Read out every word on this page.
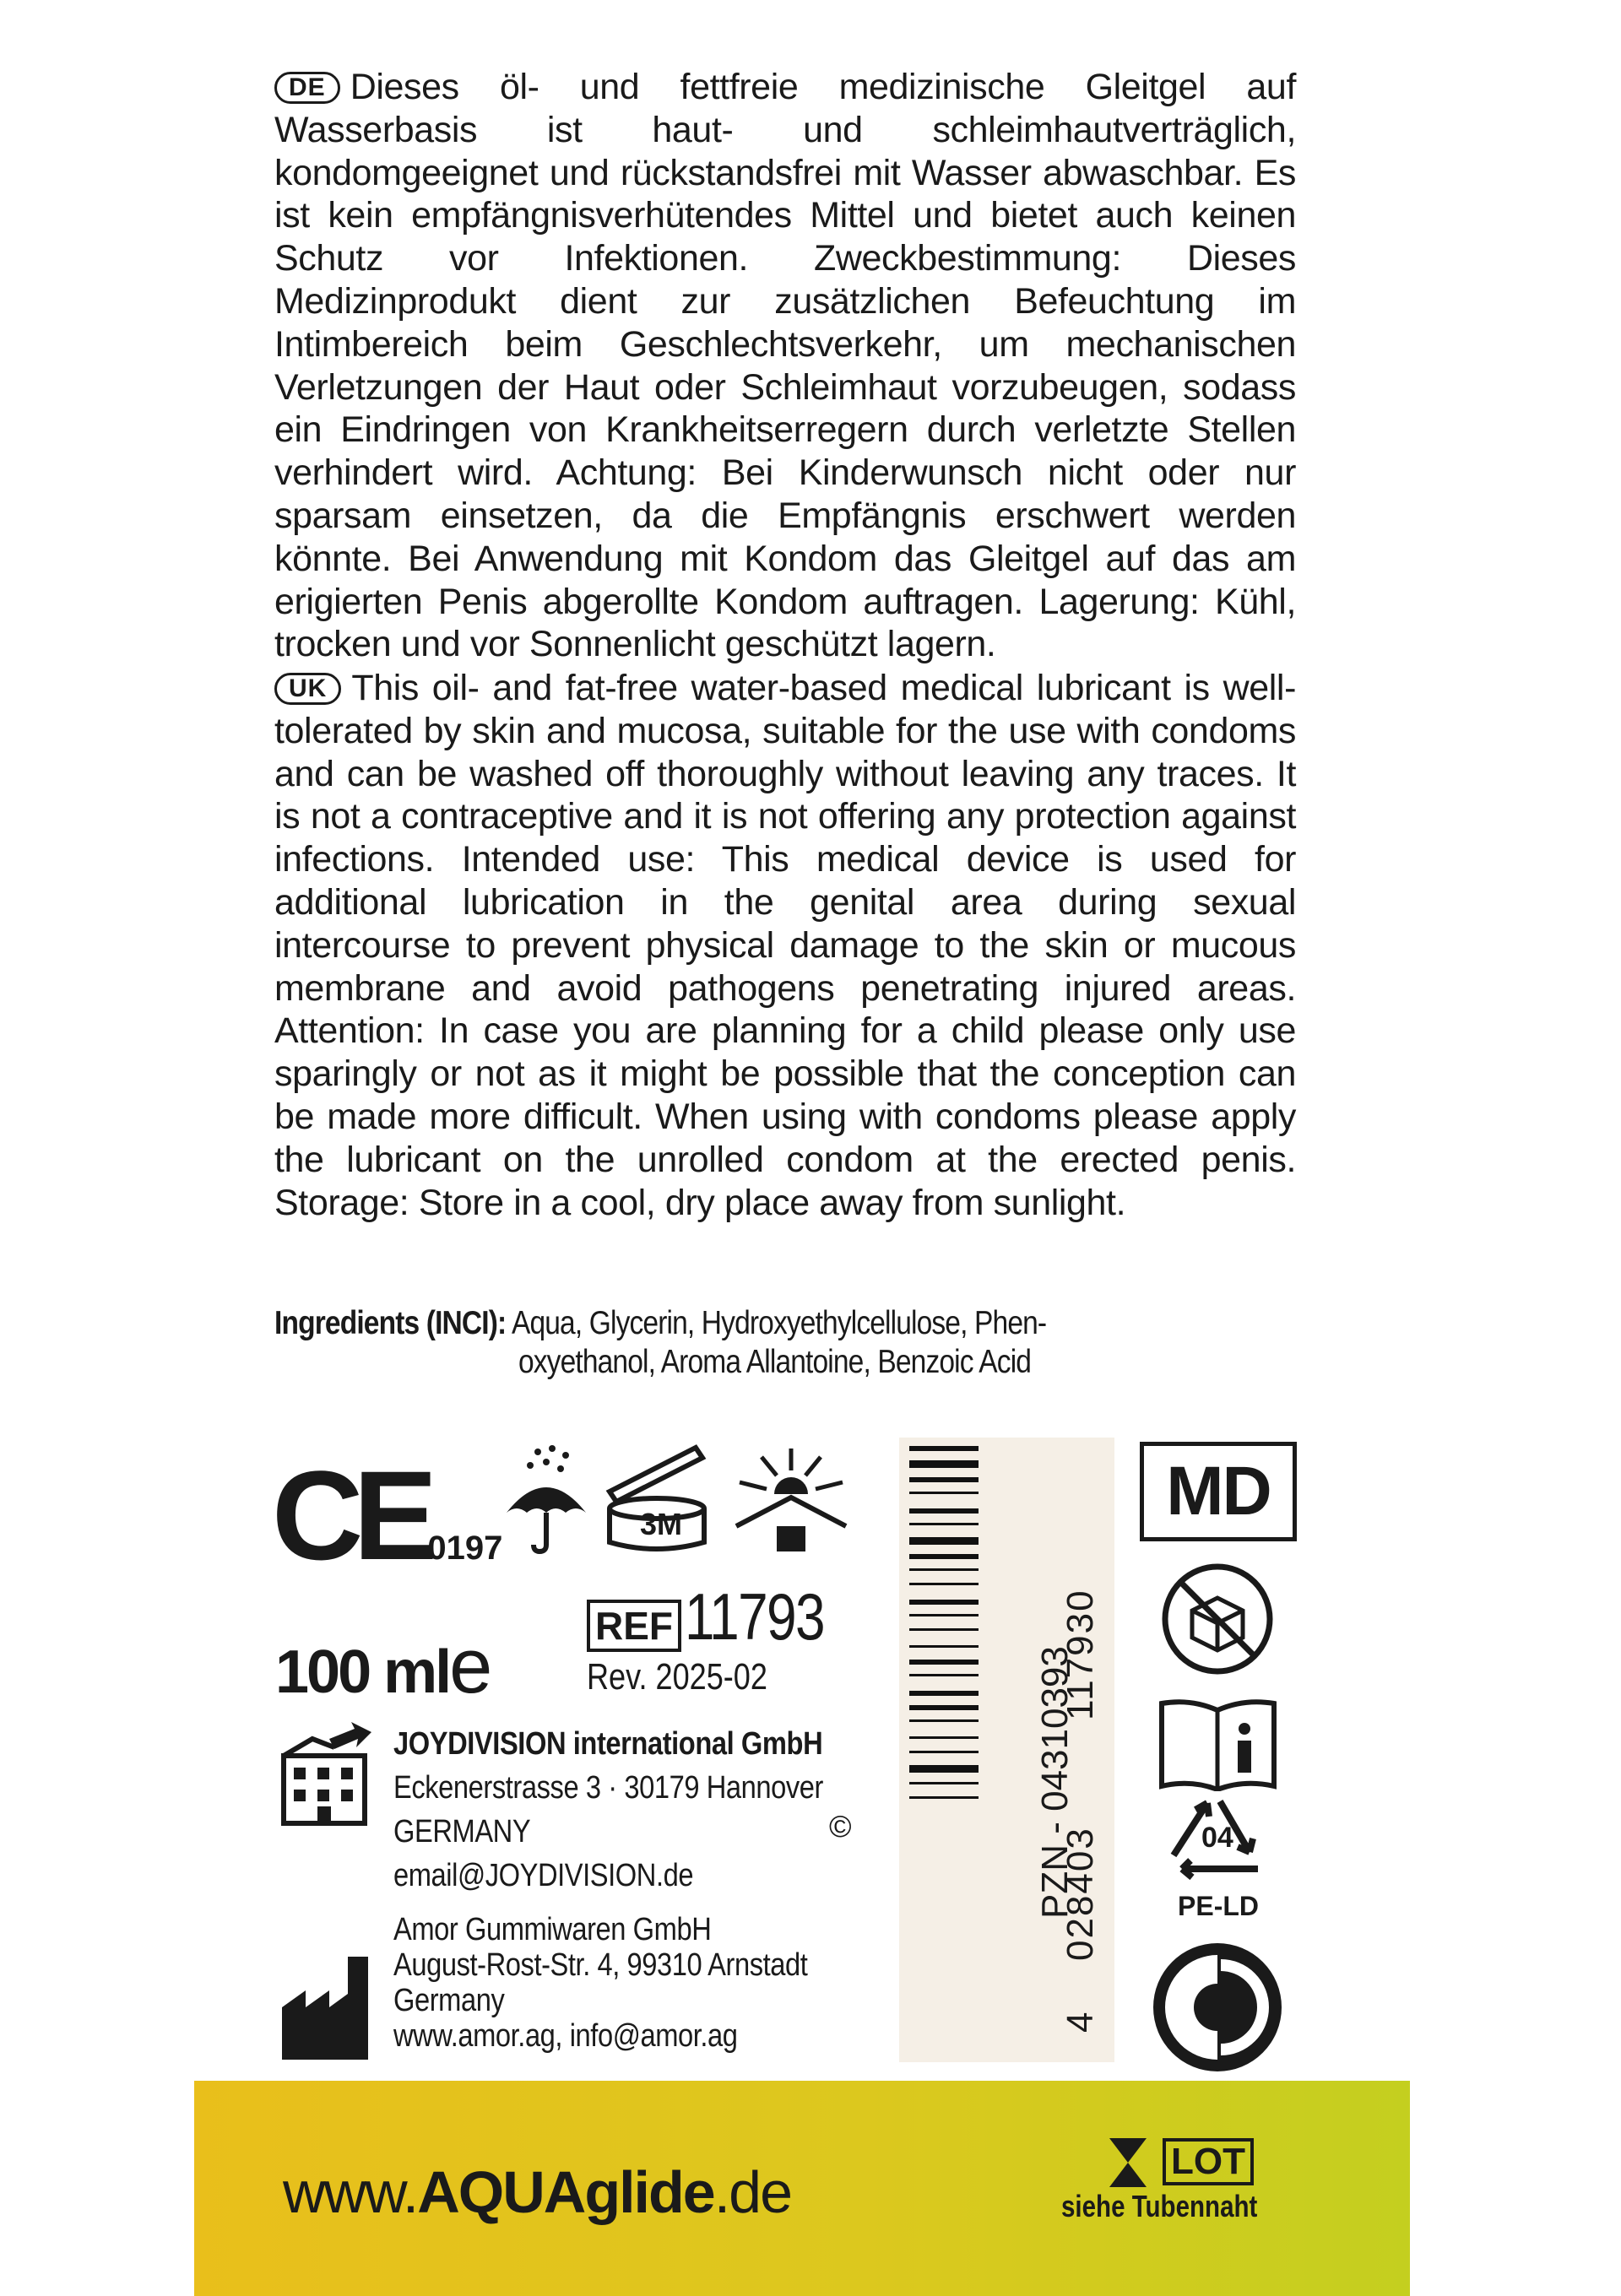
DE Dieses öl- und fettfreie medizinische Gleitgel auf Wasserbasis ist haut- und schleimhautverträglich, kondomgeeignet und rückstandsfrei mit Wasser abwaschbar. Es ist kein empfängnisverhütendes Mittel und bietet auch keinen Schutz vor Infektionen. Zweckbestimmung: Dieses Medizinprodukt dient zur zusätzlichen Befeuchtung im Intimbereich beim Geschlechtsverkehr, um mechanischen Verletzungen der Haut oder Schleimhaut vorzubeugen, sodass ein Eindringen von Krankheitserregern durch verletzte Stellen verhindert wird. Achtung: Bei Kinderwunsch nicht oder nur sparsam einsetzen, da die Empfängnis erschwert werden könnte. Bei Anwendung mit Kondom das Gleitgel auf das am erigierten Penis abgerollte Kondom auftragen. Lagerung: Kühl, trocken und vor Sonnenlicht geschützt lagern.
UK This oil- and fat-free water-based medical lubricant is well- tolerated by skin and mucosa, suitable for the use with condoms and can be washed off thoroughly without leaving any traces. It is not a contraceptive and it is not offering any protection against infections. Intended use: This medical device is used for additional lubrication in the genital area during sexual intercourse to prevent physical damage to the skin or mucous membrane and avoid pathogens penetrating injured areas. Attention: In case you are planning for a child please only use sparingly or not as it might be possible that the conception can be made more difficult. When using with condoms please apply the lubricant on the unrolled condom at the erected penis. Storage: Store in a cool, dry place away from sunlight.
Ingredients (INCI): Aqua, Glycerin, Hydroxyethylcellulose, Phen-
oxyethanol, Aroma Allantoine, Benzoic Acid
CE0197
3M	MD
100 mle	REF 11793
Rev. 2025-02
JOYDIVISION international GmbH
Eckenerstrasse 3 · 30179 Hannover
GERMANY
email@JOYDIVISION.de
©
Amor Gummiwaren GmbH
August-Rost-Str. 4, 99310 Arnstadt
Germany
www.amor.ag, info@amor.ag	4
028403
117930
PZN - 04310393	04
PE-LD
www.AQUAglide.de	LOT
siehe Tubennaht
